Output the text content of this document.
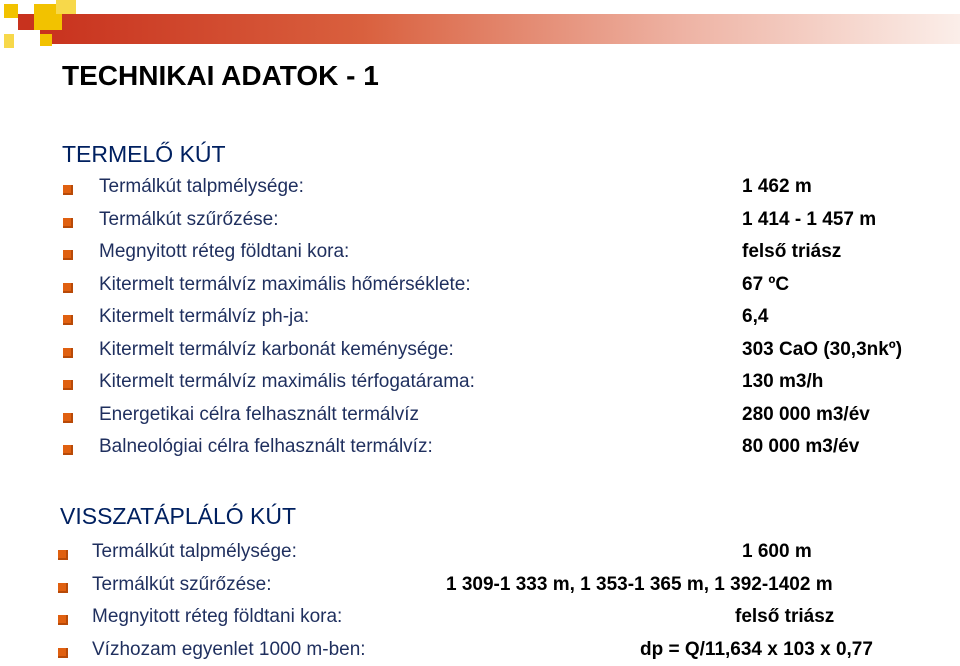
TECHNIKAI ADATOK - 1
TERMELŐ KÚT
Termálkút talpmélysége:	1 462 m
Termálkút szűrőzése:	1 414 - 1 457 m
Megnyitott réteg földtani kora:	felső triász
Kitermelt termálvíz maximális hőmérséklete:	67 ºC
Kitermelt termálvíz ph-ja:	6,4
Kitermelt termálvíz karbonát keménysége:	303 CaO (30,3nkº)
Kitermelt termálvíz maximális térfogatárama:	130 m3/h
Energetikai célra felhasznált termálvíz	280 000 m3/év
Balneológiai célra felhasznált termálvíz:	80 000 m3/év
VISSZATÁPLÁLÓ KÚT
Termálkút talpmélysége:	1 600 m
Termálkút szűrőzése:	1 309-1 333 m, 1 353-1 365 m, 1 392-1402 m
Megnyitott réteg földtani kora:	felső triász
Vízhozam egyenlet 1000 m-ben:	dp = Q/11,634 x 103 x 0,77
